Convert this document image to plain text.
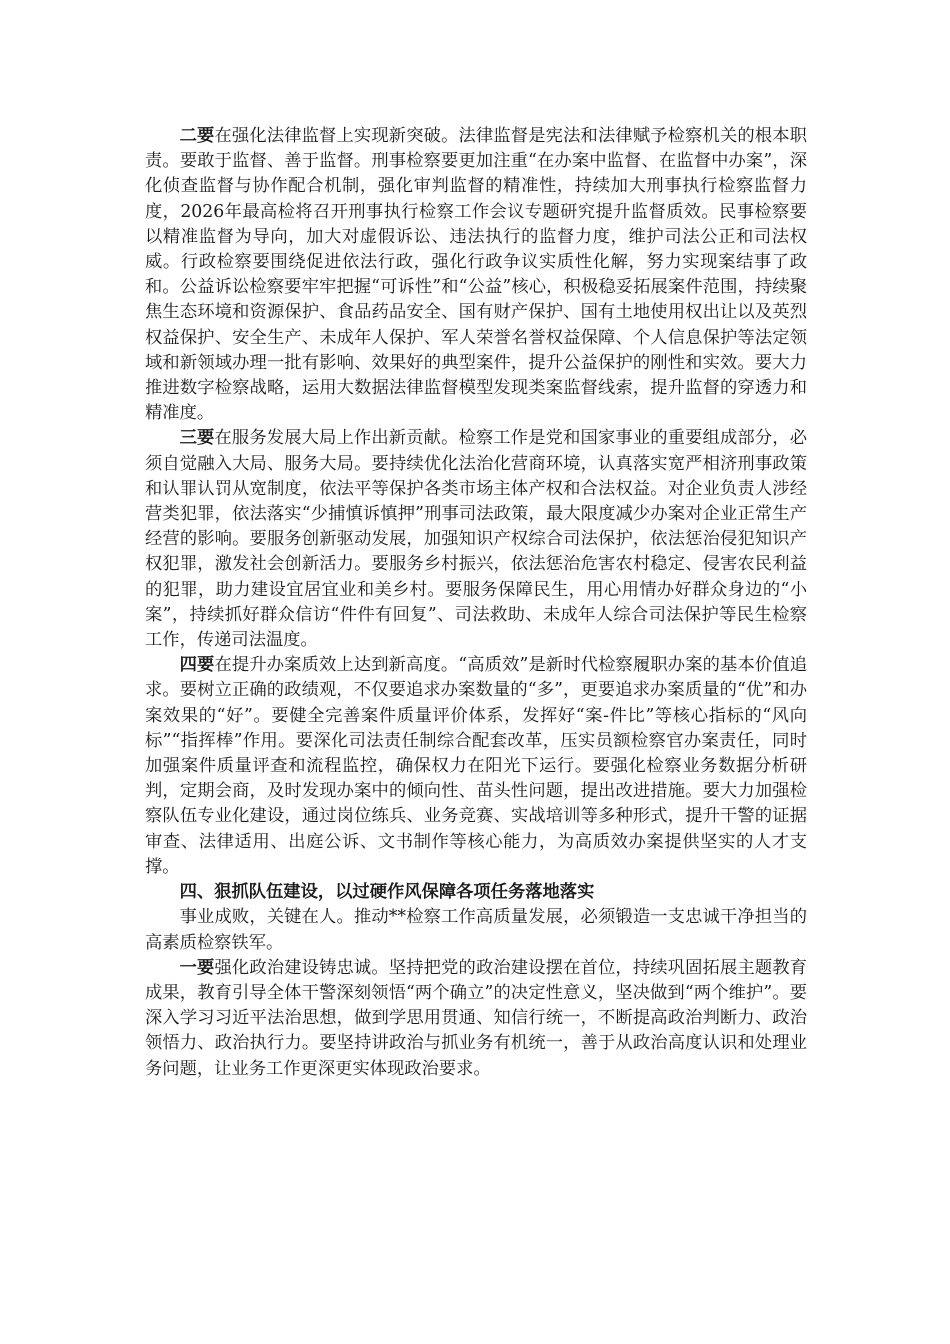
二要在强化法律监督上实现新突破。法律监督是宪法和法律赋予检察机关的根本职责。要敢于监督、善于监督。刑事检察要更加注重“在办案中监督、在监督中办案”，深化侦查监督与协作配合机制，强化审判监督的精准性，持续加大刑事执行检察监督力度，2026年最高检将召开刑事执行检察工作会议专题研究提升监督质效。民事检察要以精准监督为导向，加大对虚假诉讼、违法执行的监督力度，维护司法公正和司法权威。行政检察要围绕促进依法行政，强化行政争议实质性化解，努力实现案结事了政和。公益诉讼检察要牢牢把握“可诉性”和“公益”核心，积极稳妥拓展案件范围，持续聚焦生态环境和资源保护、食品药品安全、国有财产保护、国有土地使用权出让以及英烈权益保护、安全生产、未成年人保护、军人荣誉名誉权益保障、个人信息保护等法定领域和新领域办理一批有影响、效果好的典型案件，提升公益保护的刚性和实效。要大力推进数字检察战略，运用大数据法律监督模型发现类案监督线索，提升监督的穿透力和精准度。

三要在服务发展大局上作出新贡献。检察工作是党和国家事业的重要组成部分，必须自觉融入大局、服务大局。要持续优化法治化营商环境，认真落实宽严相济刑事政策和认罪认罚从宽制度，依法平等保护各类市场主体产权和合法权益。对企业负责人涉经营类犯罪，依法落实“少捕慎诉慎押”刑事司法政策，最大限度减少办案对企业正常生产经营的影响。要服务创新驱动发展，加强知识产权综合司法保护，依法惩治侵犯知识产权犯罪，激发社会创新活力。要服务乡村振兴，依法惩治危害农村稳定、侵害农民利益的犯罪，助力建设宜居宜业和美乡村。要服务保障民生，用心用情办好群众身边的“小案”，持续抓好群众信访“件件有回复”、司法救助、未成年人综合司法保护等民生检察工作，传递司法温度。

四要在提升办案质效上达到新高度。“高质效”是新时代检察履职办案的基本价值追求。要树立正确的政绩观，不仅要追求办案数量的“多”，更要追求办案质量的“优”和办案效果的“好”。要健全完善案件质量评价体系，发挥好“案-件比”等核心指标的“风向标”“指挥棒”作用。要深化司法责任制综合配套改革，压实员额检察官办案责任，同时加强案件质量评查和流程监控，确保权力在阳光下运行。要强化检察业务数据分析研判，定期会商，及时发现办案中的倾向性、苗头性问题，提出改进措施。要大力加强检察队伍专业化建设，通过岗位练兵、业务竞赛、实战培训等多种形式，提升干警的证据审查、法律适用、出庭公诉、文书制作等核心能力，为高质效办案提供坚实的人才支撑。

四、狠抓队伍建设，以过硬作风保障各项任务落地落实

事业成败，关键在人。推动**检察工作高质量发展，必须锻造一支忠诚干净担当的高素质检察铁军。

一要强化政治建设铸忠诚。坚持把党的政治建设摆在首位，持续巩固拓展主题教育成果，教育引导全体干警深刻领悟“两个确立”的决定性意义，坚决做到“两个维护”。要深入学习习近平法治思想，做到学思用贯通、知信行统一，不断提高政治判断力、政治领悟力、政治执行力。要坚持讲政治与抓业务有机统一，善于从政治高度认识和处理业务问题，让业务工作更深更实体现政治要求。
